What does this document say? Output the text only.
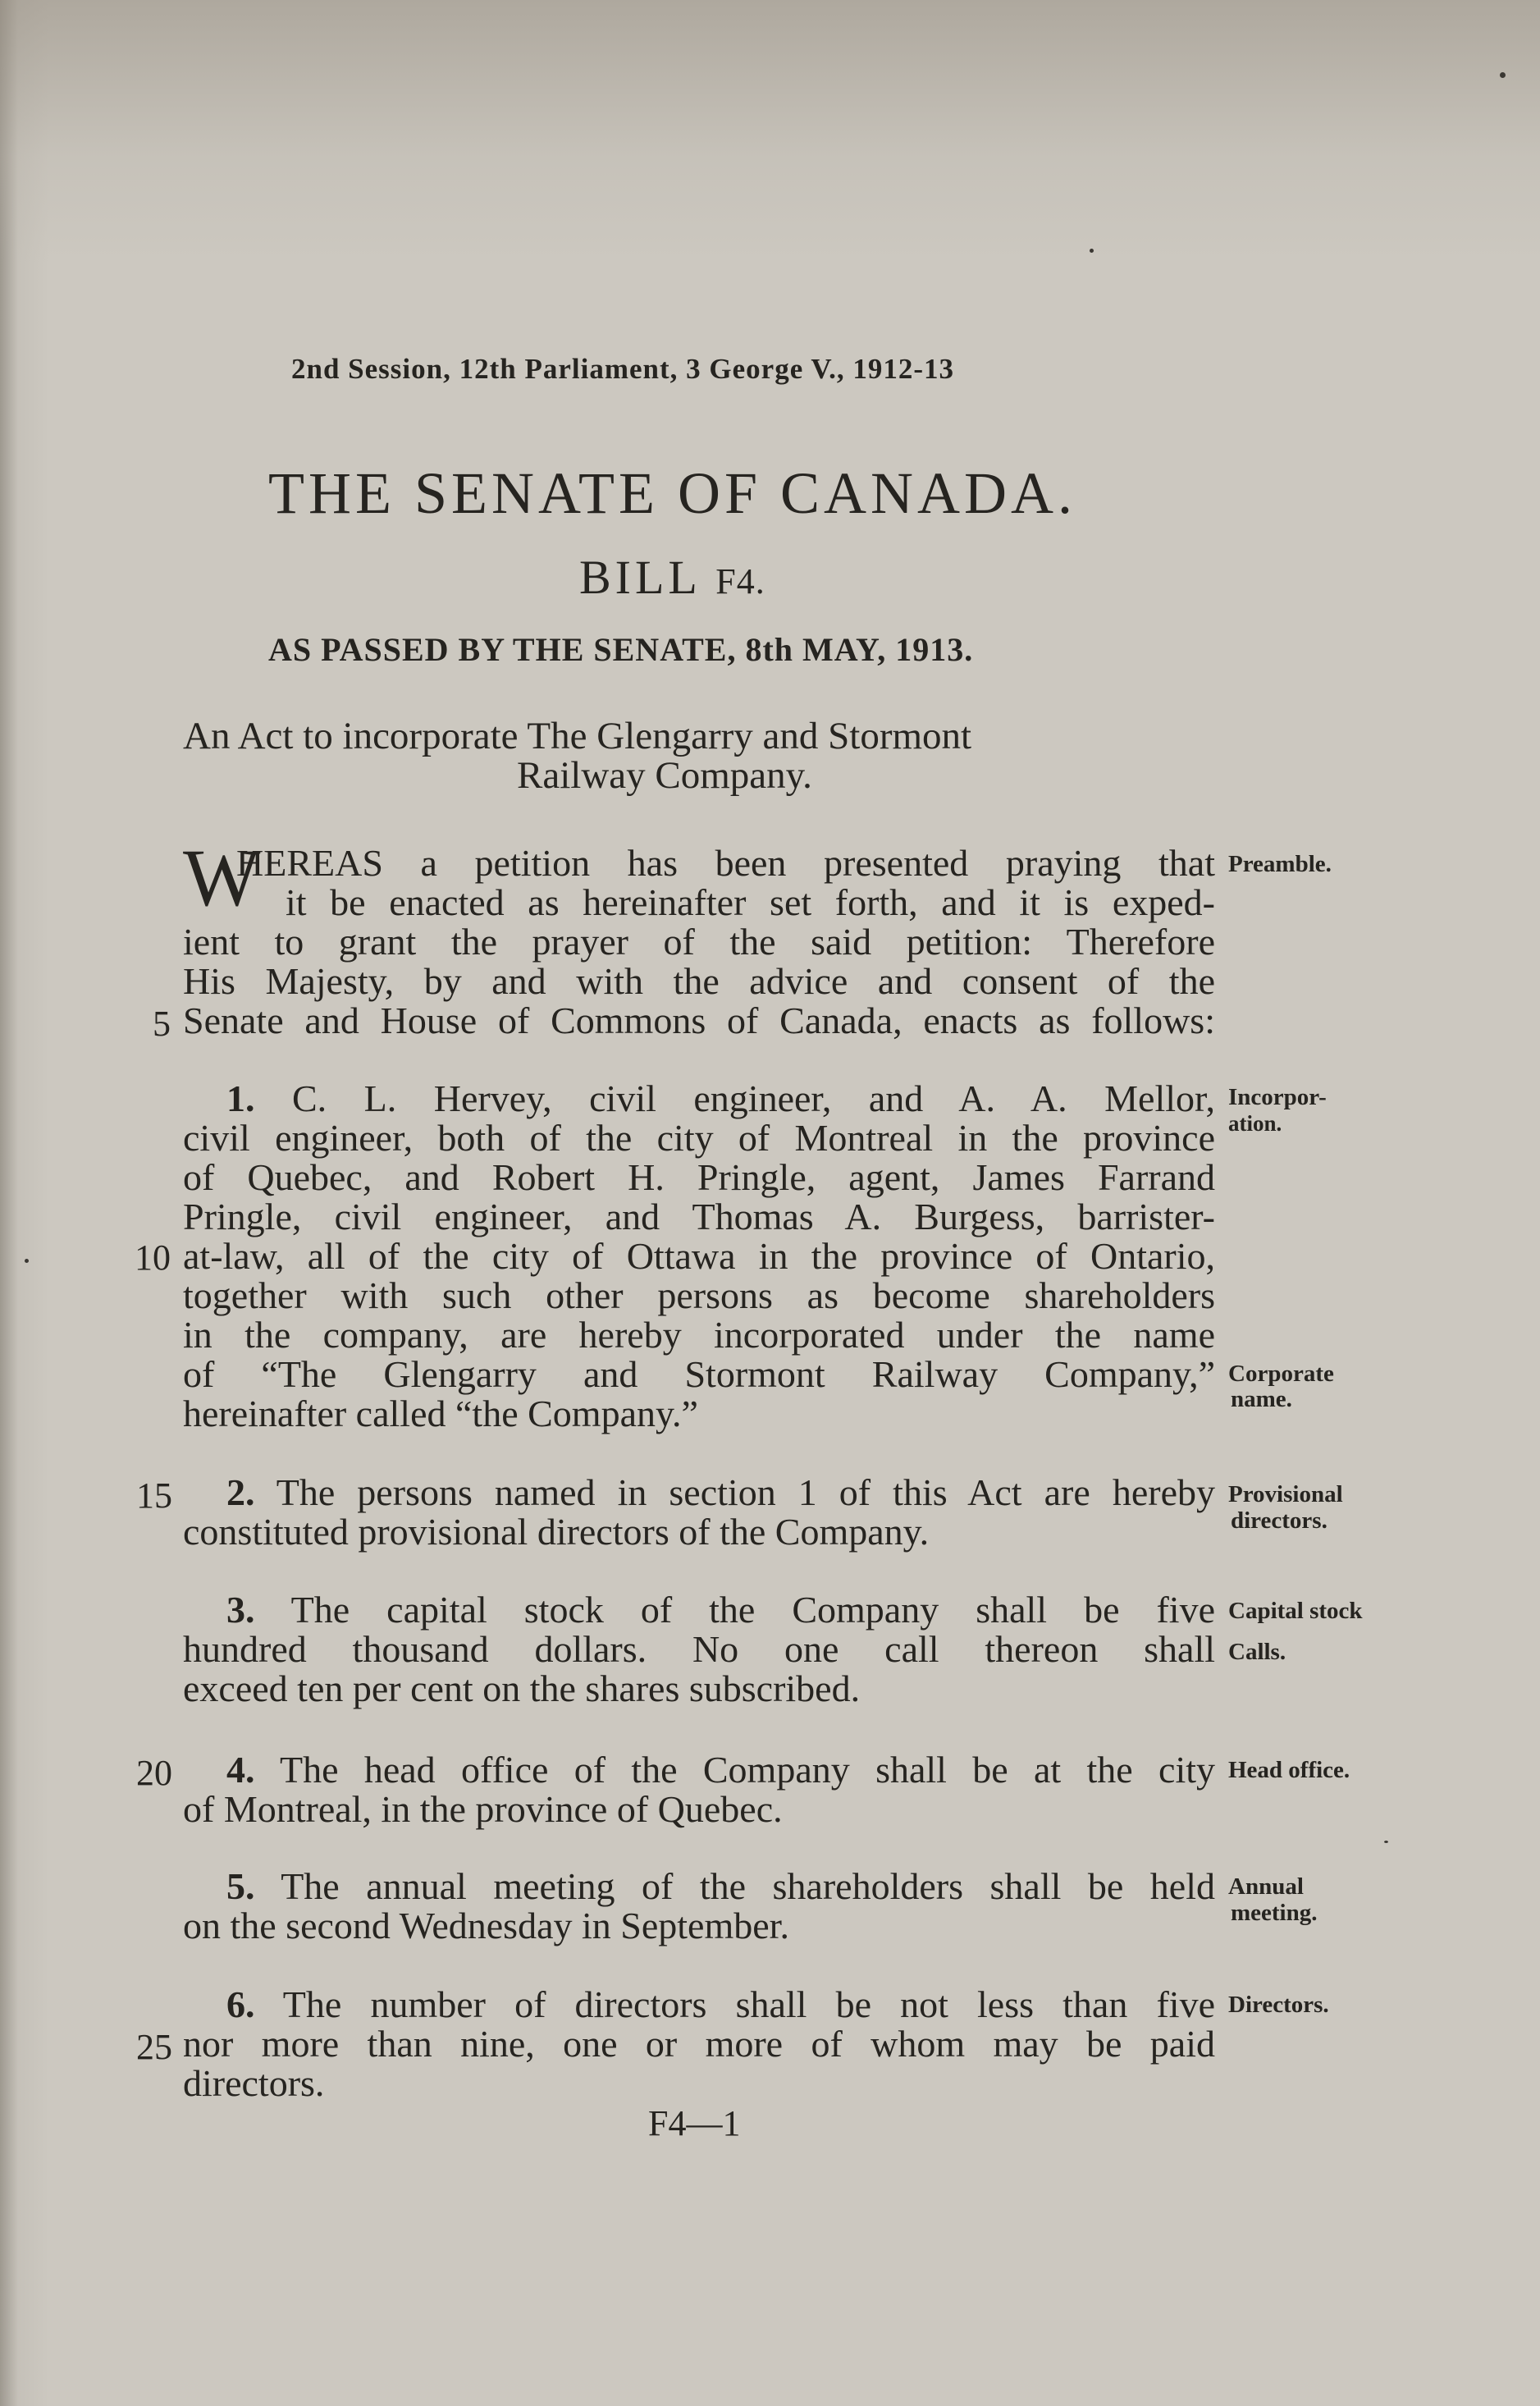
2nd Session, 12th Parliament, 3 George V., 1912-13
THE SENATE OF CANADA.
BILL F4.
AS PASSED BY THE SENATE, 8th MAY, 1913.
An Act to incorporate The Glengarry and Stormont
Railway Company.
W
HEREAS a petition has been presented praying that
it be enacted as hereinafter set forth, and it is exped-
ient to grant the prayer of the said petition: Therefore
His Majesty, by and with the advice and consent of the
Senate and House of Commons of Canada, enacts as follows:
Preamble.
5
1. C. L. Hervey, civil engineer, and A. A. Mellor,
civil engineer, both of the city of Montreal in the province
of Quebec, and Robert H. Pringle, agent, James Farrand
Pringle, civil engineer, and Thomas A. Burgess, barrister-
at-law, all of the city of Ottawa in the province of Ontario,
together with such other persons as become shareholders
in the company, are hereby incorporated under the name
of “The Glengarry and Stormont Railway Company,”
hereinafter called “the Company.”
Incorpor-
ation.
Corporate
name.
10
2. The persons named in section 1 of this Act are hereby
constituted provisional directors of the Company.
Provisional
directors.
15
3. The capital stock of the Company shall be five
hundred thousand dollars. No one call thereon shall
exceed ten per cent on the shares subscribed.
Capital stock
Calls.
4. The head office of the Company shall be at the city
of Montreal, in the province of Quebec.
Head office.
20
5. The annual meeting of the shareholders shall be held
on the second Wednesday in September.
Annual
meeting.
6. The number of directors shall be not less than five
nor more than nine, one or more of whom may be paid
directors.
Directors.
25
F4—1
